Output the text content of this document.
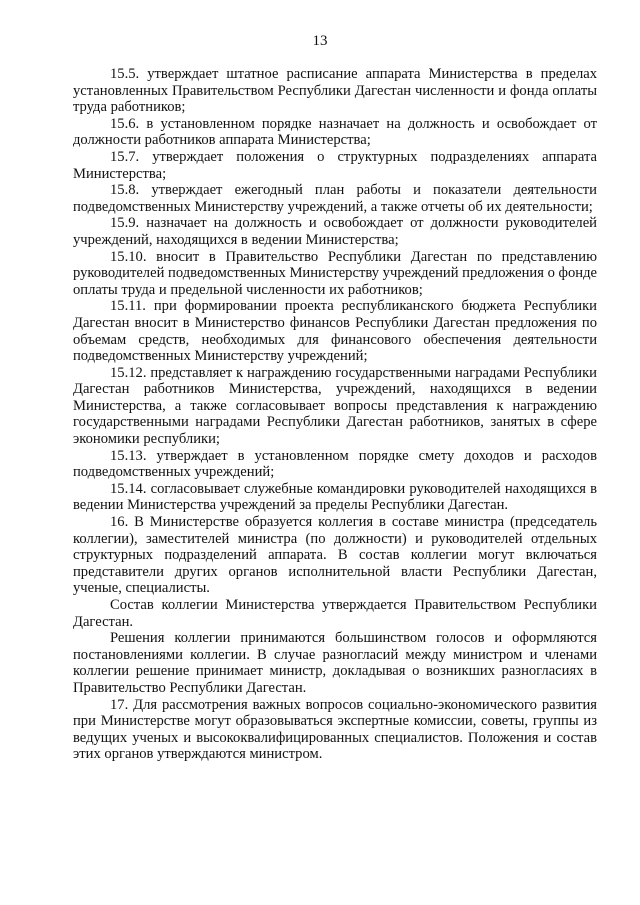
13

15.5. утверждает штатное расписание аппарата Министерства в пределах установленных Правительством Республики Дагестан численности и фонда оплаты труда работников;

15.6. в установленном порядке назначает на должность и освобождает от должности работников аппарата Министерства;

15.7. утверждает положения о структурных подразделениях аппарата Министерства;

15.8. утверждает ежегодный план работы и показатели деятельности подведомственных Министерству учреждений, а также отчеты об их деятельности;

15.9. назначает на должность и освобождает от должности руководителей учреждений, находящихся в ведении Министерства;

15.10. вносит в Правительство Республики Дагестан по представлению руководителей подведомственных Министерству учреждений предложения о фонде оплаты труда и предельной численности их работников;

15.11. при формировании проекта республиканского бюджета Республики Дагестан вносит в Министерство финансов Республики Дагестан предложения по объемам средств, необходимых для финансового обеспечения деятельности подведомственных Министерству учреждений;

15.12. представляет к награждению государственными наградами Республики Дагестан работников Министерства, учреждений, находящихся в ведении Министерства, а также согласовывает вопросы представления к награждению государственными наградами Республики Дагестан работников, занятых в сфере экономики республики;

15.13. утверждает в установленном порядке смету доходов и расходов подведомственных учреждений;

15.14. согласовывает служебные командировки руководителей находящихся в ведении Министерства учреждений за пределы Республики Дагестан.

16. В Министерстве образуется коллегия в составе министра (председатель коллегии), заместителей министра (по должности) и руководителей отдельных структурных подразделений аппарата. В состав коллегии могут включаться представители других органов исполнительной власти Республики Дагестан, ученые, специалисты.

Состав коллегии Министерства утверждается Правительством Республики Дагестан.

Решения коллегии принимаются большинством голосов и оформляются постановлениями коллегии. В случае разногласий между министром и членами коллегии решение принимает министр, докладывая о возникших разногласиях в Правительство Республики Дагестан.

17. Для рассмотрения важных вопросов социально-экономического развития при Министерстве могут образовываться экспертные комиссии, советы, группы из ведущих ученых и высококвалифицированных специалистов. Положения и состав этих органов утверждаются министром.
